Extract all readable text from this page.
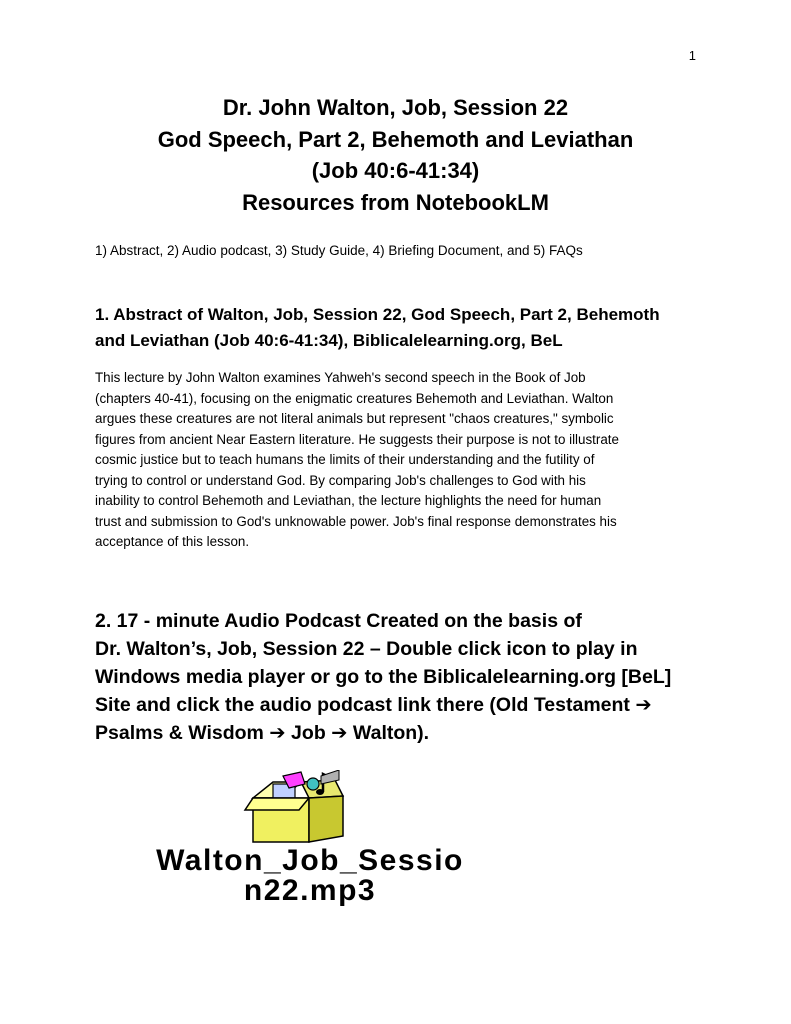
1
Dr. John Walton, Job, Session 22
God Speech, Part 2, Behemoth and Leviathan
(Job 40:6-41:34)
Resources from NotebookLM
1) Abstract, 2) Audio podcast, 3) Study Guide, 4) Briefing Document, and 5) FAQs
1. Abstract of Walton, Job, Session 22, God Speech, Part 2, Behemoth
and Leviathan (Job 40:6-41:34), Biblicalelearning.org, BeL
This lecture by John Walton examines Yahweh's second speech in the Book of Job
(chapters 40-41), focusing on the enigmatic creatures Behemoth and Leviathan. Walton
argues these creatures are not literal animals but represent "chaos creatures," symbolic
figures from ancient Near Eastern literature. He suggests their purpose is not to illustrate
cosmic justice but to teach humans the limits of their understanding and the futility of
trying to control or understand God. By comparing Job's challenges to God with his
inability to control Behemoth and Leviathan, the lecture highlights the need for human
trust and submission to God's unknowable power. Job's final response demonstrates his
acceptance of this lesson.
2. 17 - minute Audio Podcast Created on the basis of
Dr. Walton’s, Job, Session 22 – Double click icon to play in
Windows media player or go to the Biblicalelearning.org [BeL]
Site and click the audio podcast link there (Old Testament ➔
Psalms & Wisdom ➔ Job ➔ Walton).
Walton_Job_Sessio
n22.mp3
